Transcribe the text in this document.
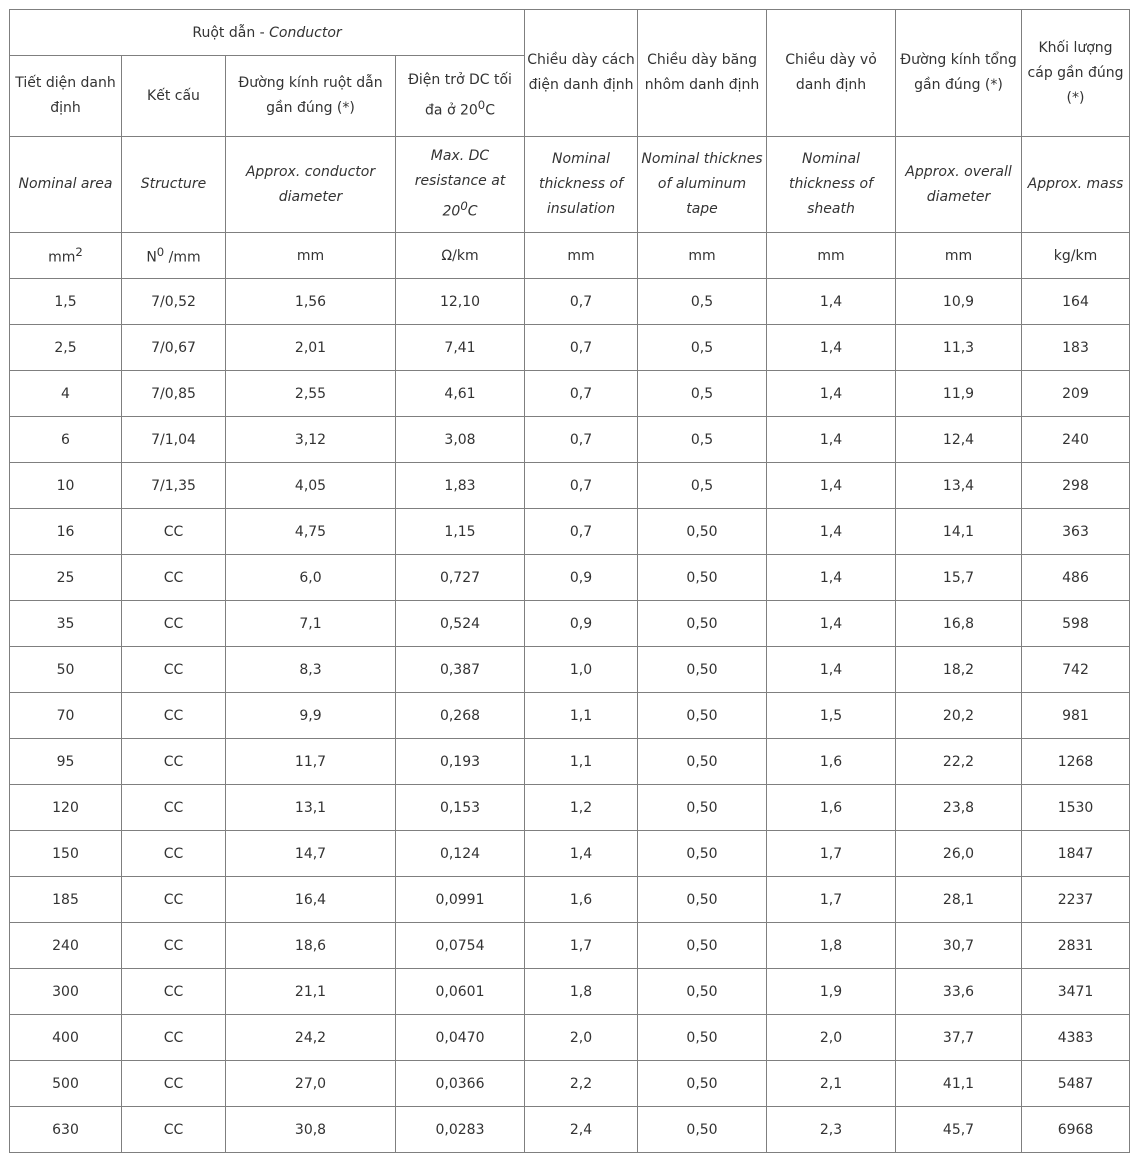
Ruột dẫn - Conductor				Chiều dày cách điện danh định	Chiều dày băng nhôm danh định	Chiều dày vỏ danh định	Đường kính tổng gần đúng (*)	Khối lượng cáp gần đúng (*)
Tiết diện danh định	Kết cấu	Đường kính ruột dẫn gần đúng (*)	Điện trở DC tối đa ở $20^0C$					
Nominal area	Structure	Approx. conductor diameter	Max. DC resistance at $20^0C$	Nominal thickness of insulation	Nominal thicknes of aluminum tape	Nominal thickness of sheath	Approx. overall diameter	Approx. mass
$mm^2$	$N^0$ /mm	mm	Ω/km	mm	mm	mm	mm	kg/km
1,5	7/0,52	1,56	12,10	0,7	0,5	1,4	10,9	164
2,5	7/0,67	2,01	7,41	0,7	0,5	1,4	11,3	183
4	7/0,85	2,55	4,61	0,7	0,5	1,4	11,9	209
6	7/1,04	3,12	3,08	0,7	0,5	1,4	12,4	240
10	7/1,35	4,05	1,83	0,7	0,5	1,4	13,4	298
16	CC	4,75	1,15	0,7	0,50	1,4	14,1	363
25	CC	6,0	0,727	0,9	0,50	1,4	15,7	486
35	CC	7,1	0,524	0,9	0,50	1,4	16,8	598
50	CC	8,3	0,387	1,0	0,50	1,4	18,2	742
70	CC	9,9	0,268	1,1	0,50	1,5	20,2	981
95	CC	11,7	0,193	1,1	0,50	1,6	22,2	1268
120	CC	13,1	0,153	1,2	0,50	1,6	23,8	1530
150	CC	14,7	0,124	1,4	0,50	1,7	26,0	1847
185	CC	16,4	0,0991	1,6	0,50	1,7	28,1	2237
240	CC	18,6	0,0754	1,7	0,50	1,8	30,7	2831
300	CC	21,1	0,0601	1,8	0,50	1,9	33,6	3471
400	CC	24,2	0,0470	2,0	0,50	2,0	37,7	4383
500	CC	27,0	0,0366	2,2	0,50	2,1	41,1	5487
630	CC	30,8	0,0283	2,4	0,50	2,3	45,7	6968
